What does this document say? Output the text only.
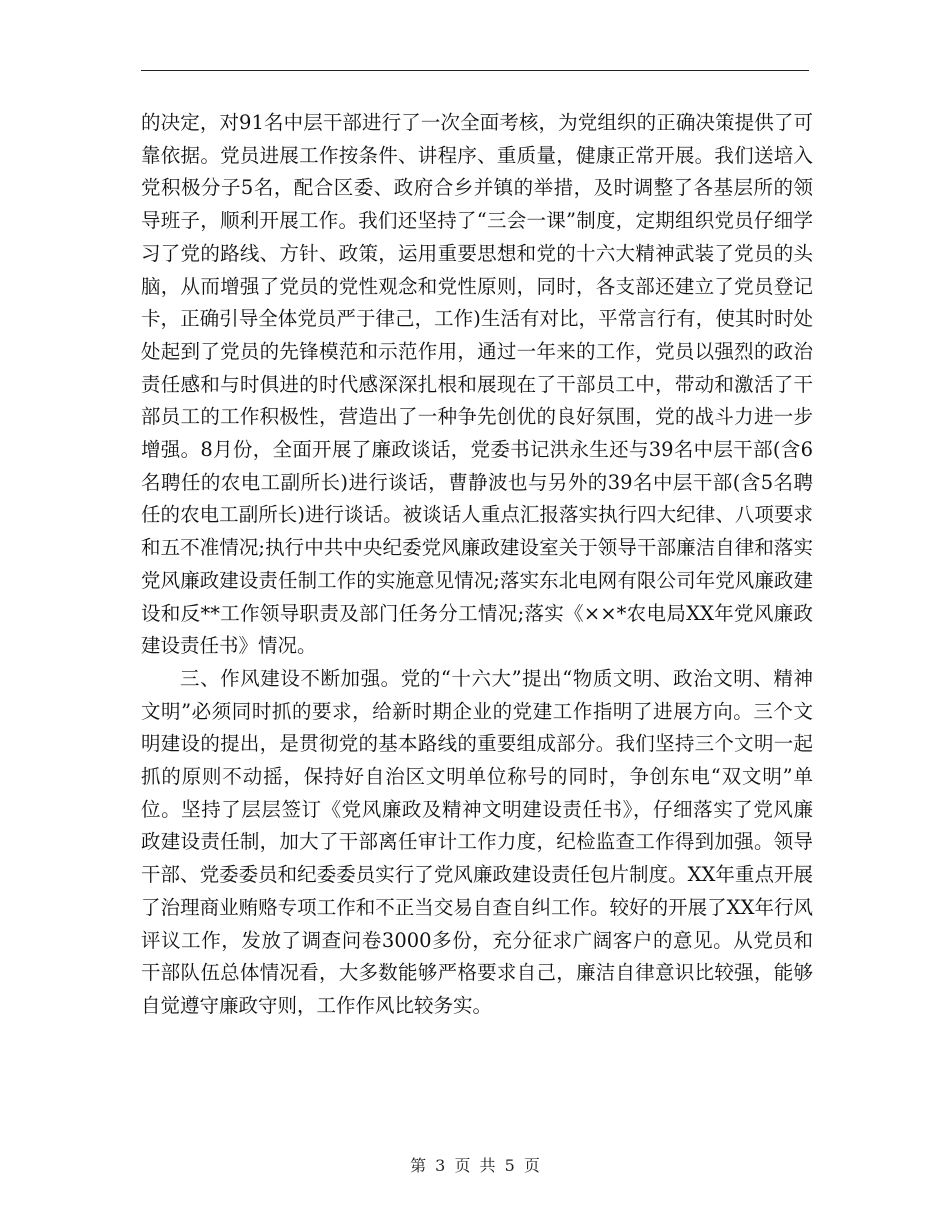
的决定，对91名中层干部进行了一次全面考核，为党组织的正确决策提供了可靠依据。党员进展工作按条件、讲程序、重质量，健康正常开展。我们送培入党积极分子5名，配合区委、政府合乡并镇的举措，及时调整了各基层所的领导班子，顺利开展工作。我们还坚持了“三会一课”制度，定期组织党员仔细学习了党的路线、方针、政策，运用重要思想和党的十六大精神武装了党员的头脑，从而增强了党员的党性观念和党性原则，同时，各支部还建立了党员登记卡，正确引导全体党员严于律己，工作)生活有对比，平常言行有，使其时时处处起到了党员的先锋模范和示范作用，通过一年来的工作，党员以强烈的政治责任感和与时俱进的时代感深深扎根和展现在了干部员工中，带动和激活了干部员工的工作积极性，营造出了一种争先创优的良好氛围，党的战斗力进一步增强。8月份，全面开展了廉政谈话，党委书记洪永生还与39名中层干部(含6名聘任的农电工副所长)进行谈话，曹静波也与另外的39名中层干部(含5名聘任的农电工副所长)进行谈话。被谈话人重点汇报落实执行四大纪律、八项要求和五不准情况;执行中共中央纪委党风廉政建设室关于领导干部廉洁自律和落实党风廉政建设责任制工作的实施意见情况;落实东北电网有限公司年党风廉政建设和反**工作领导职责及部门任务分工情况;落实《××*农电局XX年党风廉政建设责任书》情况。

三、作风建设不断加强。党的“十六大”提出“物质文明、政治文明、精神文明”必须同时抓的要求，给新时期企业的党建工作指明了进展方向。三个文明建设的提出，是贯彻党的基本路线的重要组成部分。我们坚持三个文明一起抓的原则不动摇，保持好自治区文明单位称号的同时，争创东电“双文明”单位。坚持了层层签订《党风廉政及精神文明建设责任书》，仔细落实了党风廉政建设责任制，加大了干部离任审计工作力度，纪检监查工作得到加强。领导干部、党委委员和纪委委员实行了党风廉政建设责任包片制度。XX年重点开展了治理商业贿赂专项工作和不正当交易自查自纠工作。较好的开展了XX年行风评议工作，发放了调查问卷3000多份，充分征求广阔客户的意见。从党员和干部队伍总体情况看，大多数能够严格要求自己，廉洁自律意识比较强，能够自觉遵守廉政守则，工作作风比较务实。

第 3 页 共 5 页
